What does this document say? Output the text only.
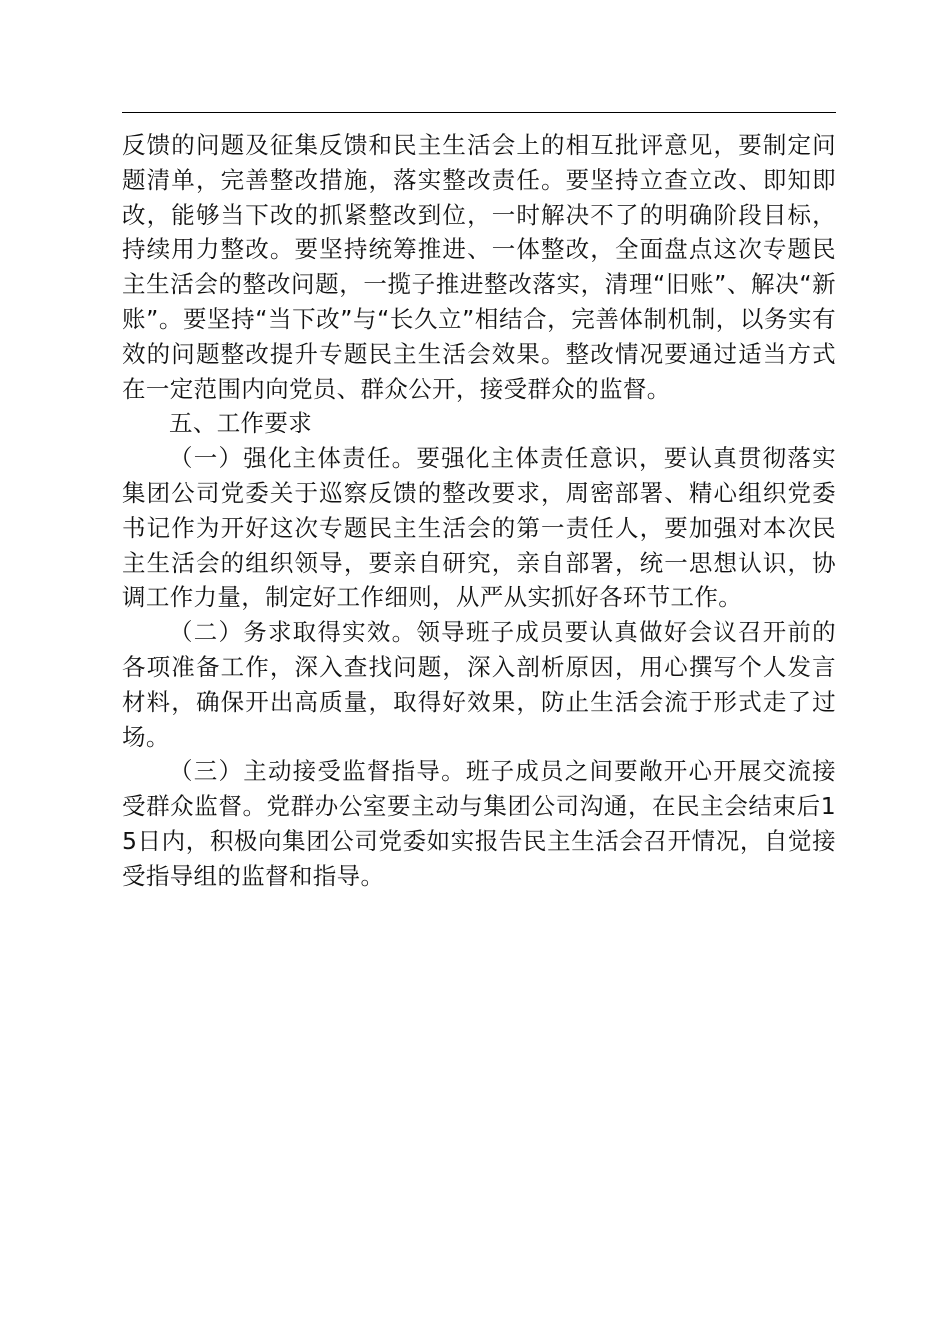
反馈的问题及征集反馈和民主生活会上的相互批评意见，要制定问题清单，完善整改措施，落实整改责任。要坚持立查立改、即知即改，能够当下改的抓紧整改到位，一时解决不了的明确阶段目标，持续用力整改。要坚持统筹推进、一体整改，全面盘点这次专题民主生活会的整改问题，一揽子推进整改落实，清理“旧账”、解决“新账”。要坚持“当下改”与“长久立”相结合，完善体制机制，以务实有效的问题整改提升专题民主生活会效果。整改情况要通过适当方式在一定范围内向党员、群众公开，接受群众的监督。

五、工作要求

（一）强化主体责任。要强化主体责任意识，要认真贯彻落实集团公司党委关于巡察反馈的整改要求，周密部署、精心组织党委书记作为开好这次专题民主生活会的第一责任人，要加强对本次民主生活会的组织领导，要亲自研究，亲自部署，统一思想认识，协调工作力量，制定好工作细则，从严从实抓好各环节工作。

（二）务求取得实效。领导班子成员要认真做好会议召开前的各项准备工作，深入查找问题，深入剖析原因，用心撰写个人发言材料，确保开出高质量，取得好效果，防止生活会流于形式走了过场。

（三）主动接受监督指导。班子成员之间要敞开心开展交流接受群众监督。党群办公室要主动与集团公司沟通，在民主会结束后15日内，积极向集团公司党委如实报告民主生活会召开情况，自觉接受指导组的监督和指导。
